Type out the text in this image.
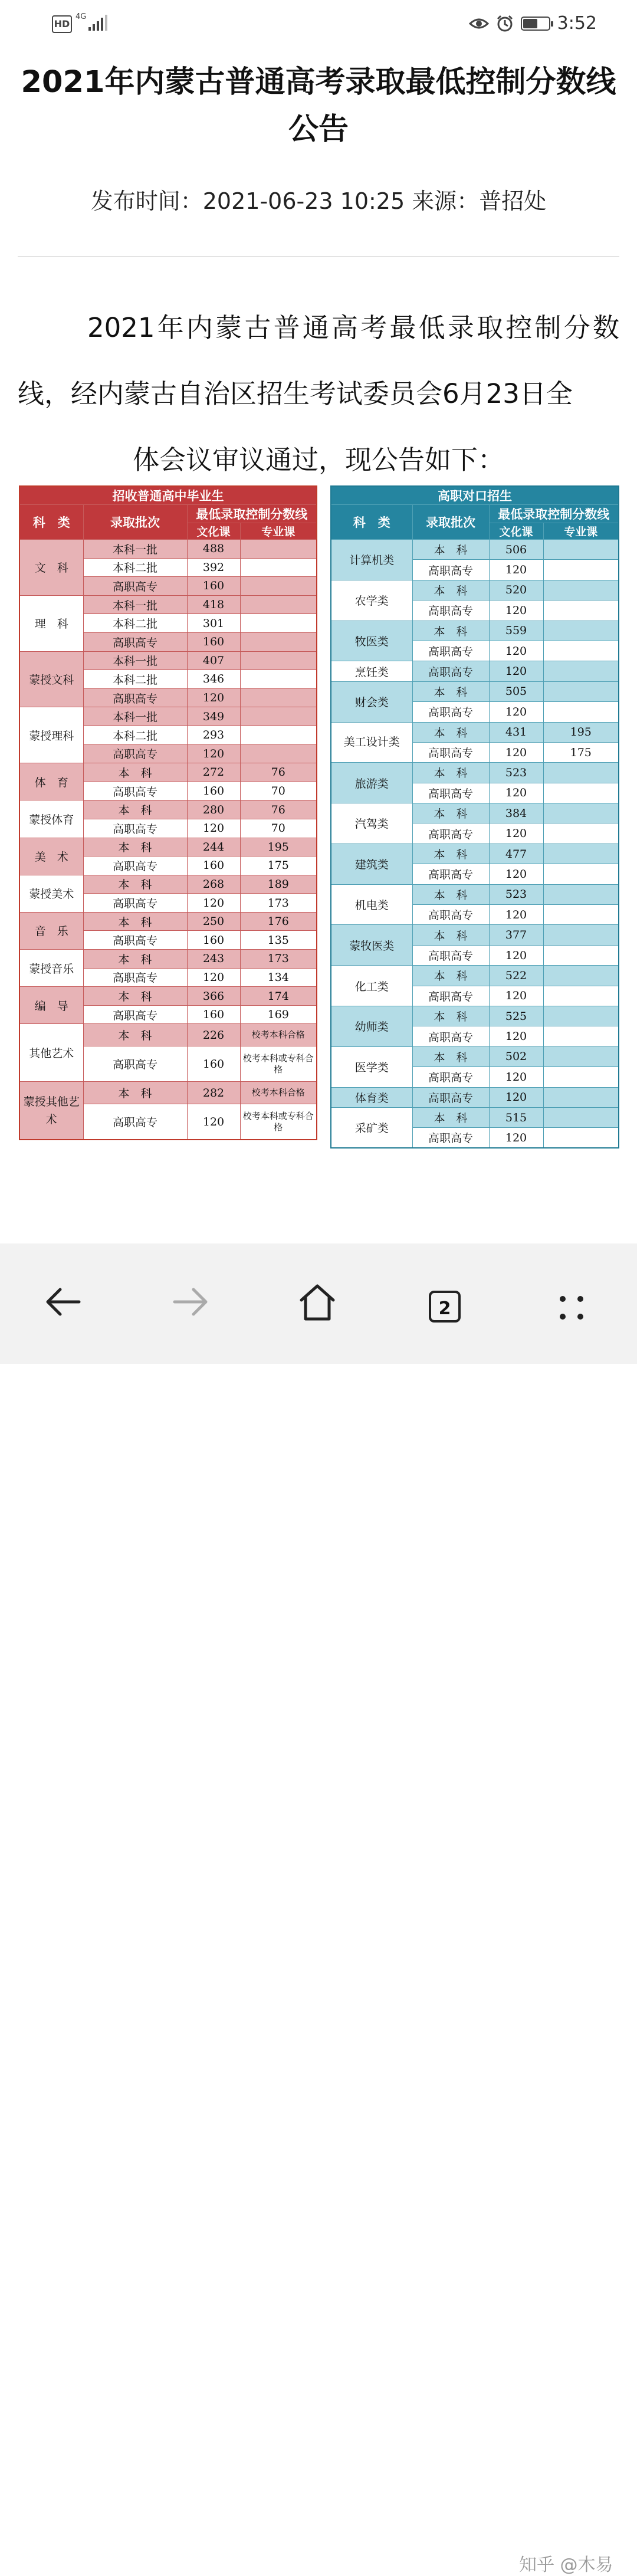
HD
4G	3:52
2021年内蒙古普通高考录取最低控制分数线公告
发布时间：2021-06-23 10:25 来源：普招处
2021年内蒙古普通高考最低录取控制分数线，经内蒙古自治区招生考试委员会6月23日全
体会议审议通过，现公告如下：
招收普通高中毕业生			
科　类	录取批次	最低录取控制分数线	
		文化课	专业课
文　科	本科一批	488	
	本科二批	392	
	高职高专	160	
理　科	本科一批	418	
	本科二批	301	
	高职高专	160	
蒙授文科	本科一批	407	
	本科二批	346	
	高职高专	120	
蒙授理科	本科一批	349	
	本科二批	293	
	高职高专	120	
体　育	本　科	272	76
	高职高专	160	70
蒙授体育	本　科	280	76
	高职高专	120	70
美　术	本　科	244	195
	高职高专	160	175
蒙授美术	本　科	268	189
	高职高专	120	173
音　乐	本　科	250	176
	高职高专	160	135
蒙授音乐	本　科	243	173
	高职高专	120	134
编　导	本　科	366	174
	高职高专	160	169
其他艺术	本　科	226	校考本科合格
	高职高专	160	校考本科或专科合格
蒙授其他艺术	本　科	282	校考本科合格
	高职高专	120	校考本科或专科合格
高职对口招生			
科　类	录取批次	最低录取控制分数线	
		文化课	专业课
计算机类	本　科	506	
	高职高专	120	
农学类	本　科	520	
	高职高专	120	
牧医类	本　科	559	
	高职高专	120	
烹饪类	高职高专	120	
财会类	本　科	505	
	高职高专	120	
美工设计类	本　科	431	195
	高职高专	120	175
旅游类	本　科	523	
	高职高专	120	
汽驾类	本　科	384	
	高职高专	120	
建筑类	本　科	477	
	高职高专	120	
机电类	本　科	523	
	高职高专	120	
蒙牧医类	本　科	377	
	高职高专	120	
化工类	本　科	522	
	高职高专	120	
幼师类	本　科	525	
	高职高专	120	
医学类	本　科	502	
	高职高专	120	
体育类	高职高专	120	
采矿类	本　科	515	
	高职高专	120	
2
知乎 @木易
